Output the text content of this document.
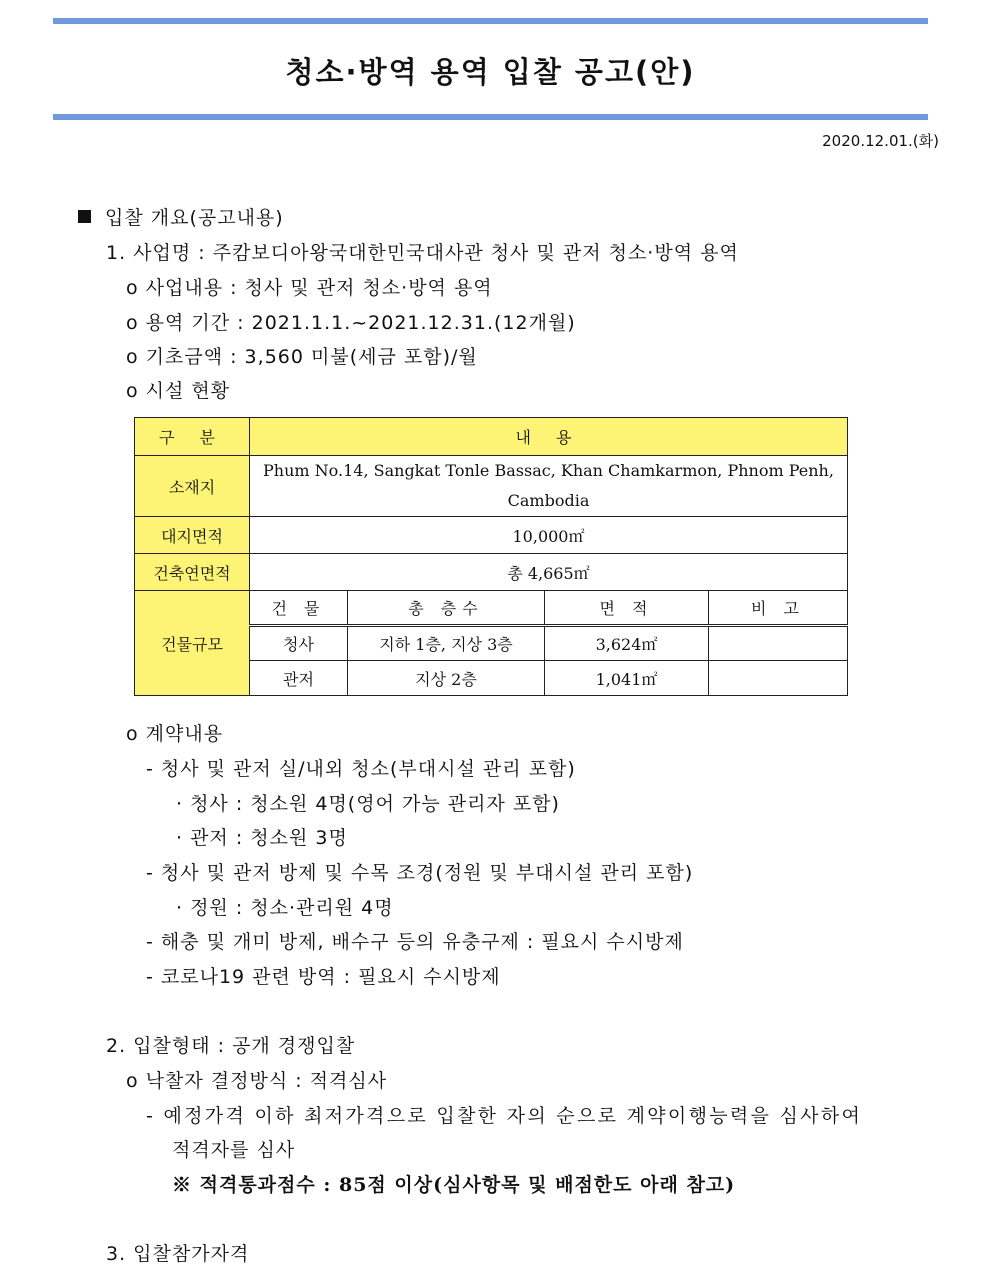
청소·방역 용역 입찰 공고(안)
2020.12.01.(화)
입찰 개요(공고내용)
1. 사업명 : 주캄보디아왕국대한민국대사관 청사 및 관저 청소·방역 용역
o 사업내용 : 청사 및 관저 청소·방역 용역
o 용역 기간 : 2021.1.1.~2021.12.31.(12개월)
o 기초금액 : 3,560 미불(세금 포함)/월
o 시설 현황
구 분	내 용			
소재지	Phum No.14, Sangkat Tonle Bassac, Khan Chamkarmon, Phnom Penh,
Cambodia			

대지면적	10,000㎡			
건축연면적	총 4,665㎡			
건물규모	건 물	총 층수	면 적	비 고
	청사	지하 1층, 지상 3층	3,624㎡	
	관저	지상 2층	1,041㎡	
o 계약내용
- 청사 및 관저 실/내외 청소(부대시설 관리 포함)
· 청사 : 청소원 4명(영어 가능 관리자 포함)
· 관저 : 청소원 3명
- 청사 및 관저 방제 및 수목 조경(정원 및 부대시설 관리 포함)
· 정원 : 청소·관리원 4명
- 해충 및 개미 방제, 배수구 등의 유충구제 : 필요시 수시방제
- 코로나19 관련 방역 : 필요시 수시방제
2. 입찰형태 : 공개 경쟁입찰
o 낙찰자 결정방식 : 적격심사
- 예정가격 이하 최저가격으로 입찰한 자의 순으로 계약이행능력을 심사하여
적격자를 심사
※ 적격통과점수 : 85점 이상(심사항목 및 배점한도 아래 참고)
3. 입찰참가자격
